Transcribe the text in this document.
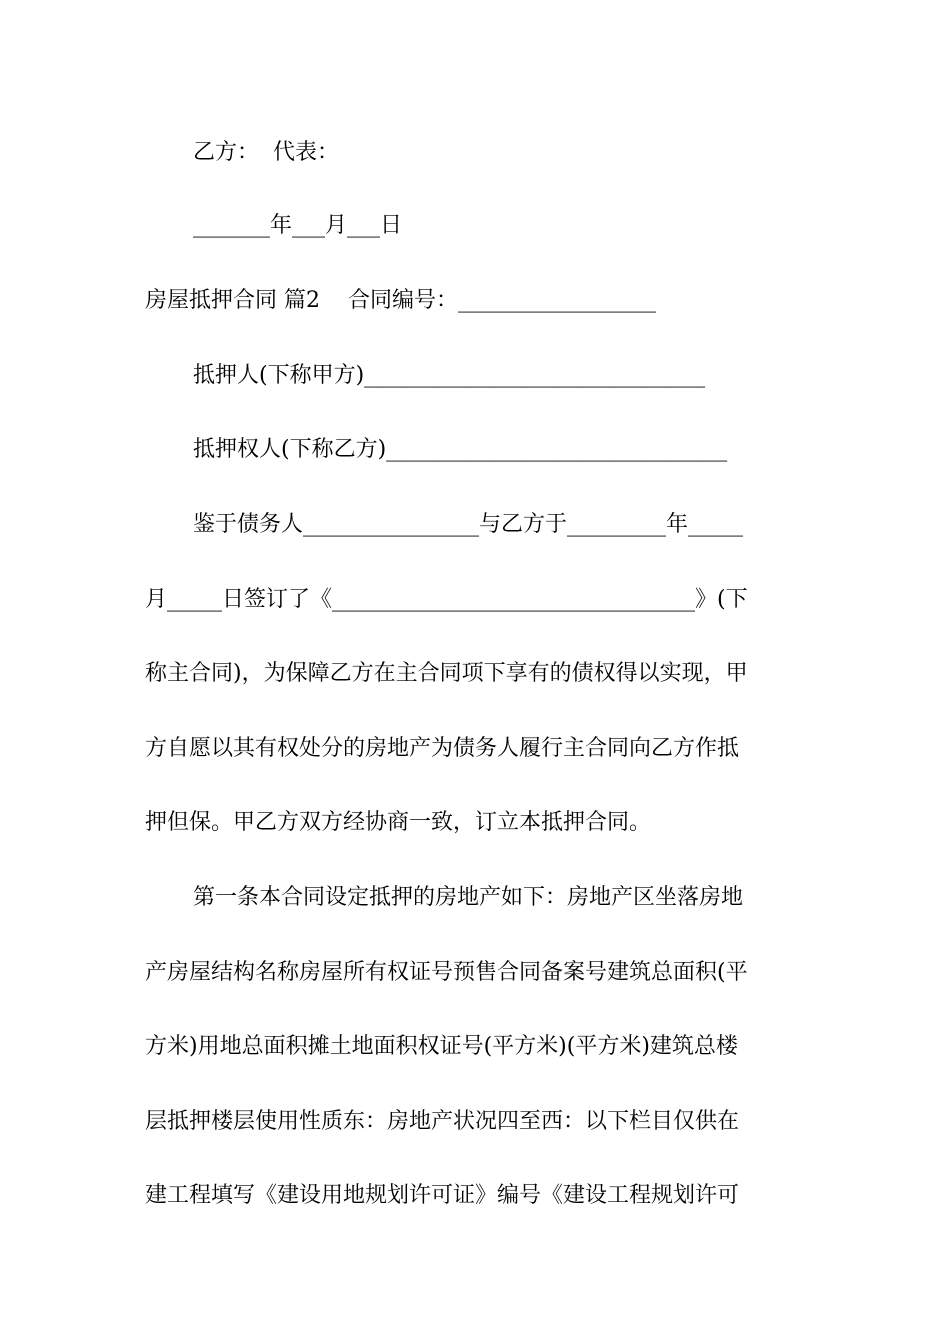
乙方：  代表：
_______年___月___日
房屋抵押合同 篇2    合同编号：__________________
抵押人(下称甲方)_______________________________
抵押权人(下称乙方)_______________________________
鉴于债务人________________与乙方于_________年_____
月_____日签订了《_________________________________》(下
称主合同)，为保障乙方在主合同项下享有的债权得以实现，甲
方自愿以其有权处分的房地产为债务人履行主合同向乙方作抵
押但保。甲乙方双方经协商一致，订立本抵押合同。
第一条本合同设定抵押的房地产如下：房地产区坐落房地
产房屋结构名称房屋所有权证号预售合同备案号建筑总面积(平
方米)用地总面积摊土地面积权证号(平方米)(平方米)建筑总楼
层抵押楼层使用性质东：房地产状况四至西：以下栏目仅供在
建工程填写《建设用地规划许可证》编号《建设工程规划许可
